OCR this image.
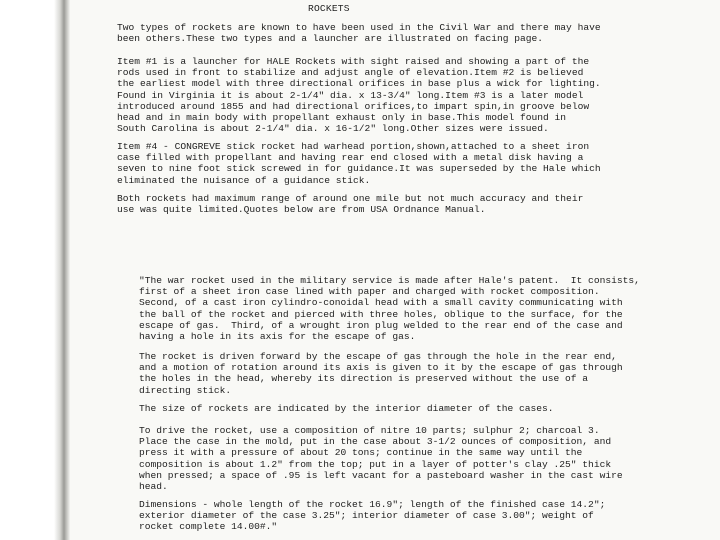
ROCKETS

Two types of rockets are known to have been used in the Civil War and there may have
been others.These two types and a launcher are illustrated on facing page.

Item #1 is a launcher for HALE Rockets with sight raised and showing a part of the
rods used in front to stabilize and adjust angle of elevation.Item #2 is believed
the earliest model with three directional orifices in base plus a wick for lighting.
Found in Virginia it is about 2-1/4" dia. x 13-3/4" long.Item #3 is a later model
introduced around 1855 and had directional orifices,to impart spin,in groove below
head and in main body with propellant exhaust only in base.This model found in
South Carolina is about 2-1/4" dia. x 16-1/2" long.Other sizes were issued.

Item #4 - CONGREVE stick rocket had warhead portion,shown,attached to a sheet iron
case filled with propellant and having rear end closed with a metal disk having a
seven to nine foot stick screwed in for guidance.It was superseded by the Hale which
eliminated the nuisance of a guidance stick.

Both rockets had maximum range of around one mile but not much accuracy and their
use was quite limited.Quotes below are from USA Ordnance Manual.

"The war rocket used in the military service is made after Hale's patent.  It consists,
first of a sheet iron case lined with paper and charged with rocket composition.
Second, of a cast iron cylindro-conoidal head with a small cavity communicating with
the ball of the rocket and pierced with three holes, oblique to the surface, for the
escape of gas.  Third, of a wrought iron plug welded to the rear end of the case and
having a hole in its axis for the escape of gas.

The rocket is driven forward by the escape of gas through the hole in the rear end,
and a motion of rotation around its axis is given to it by the escape of gas through
the holes in the head, whereby its direction is preserved without the use of a
directing stick.

The size of rockets are indicated by the interior diameter of the cases.

To drive the rocket, use a composition of nitre 10 parts; sulphur 2; charcoal 3.
Place the case in the mold, put in the case about 3-1/2 ounces of composition, and
press it with a pressure of about 20 tons; continue in the same way until the
composition is about 1.2" from the top; put in a layer of potter's clay .25" thick
when pressed; a space of .95 is left vacant for a pasteboard washer in the cast wire
head.

Dimensions - whole length of the rocket 16.9"; length of the finished case 14.2";
exterior diameter of the case 3.25"; interior diameter of case 3.00"; weight of
rocket complete 14.00#."
